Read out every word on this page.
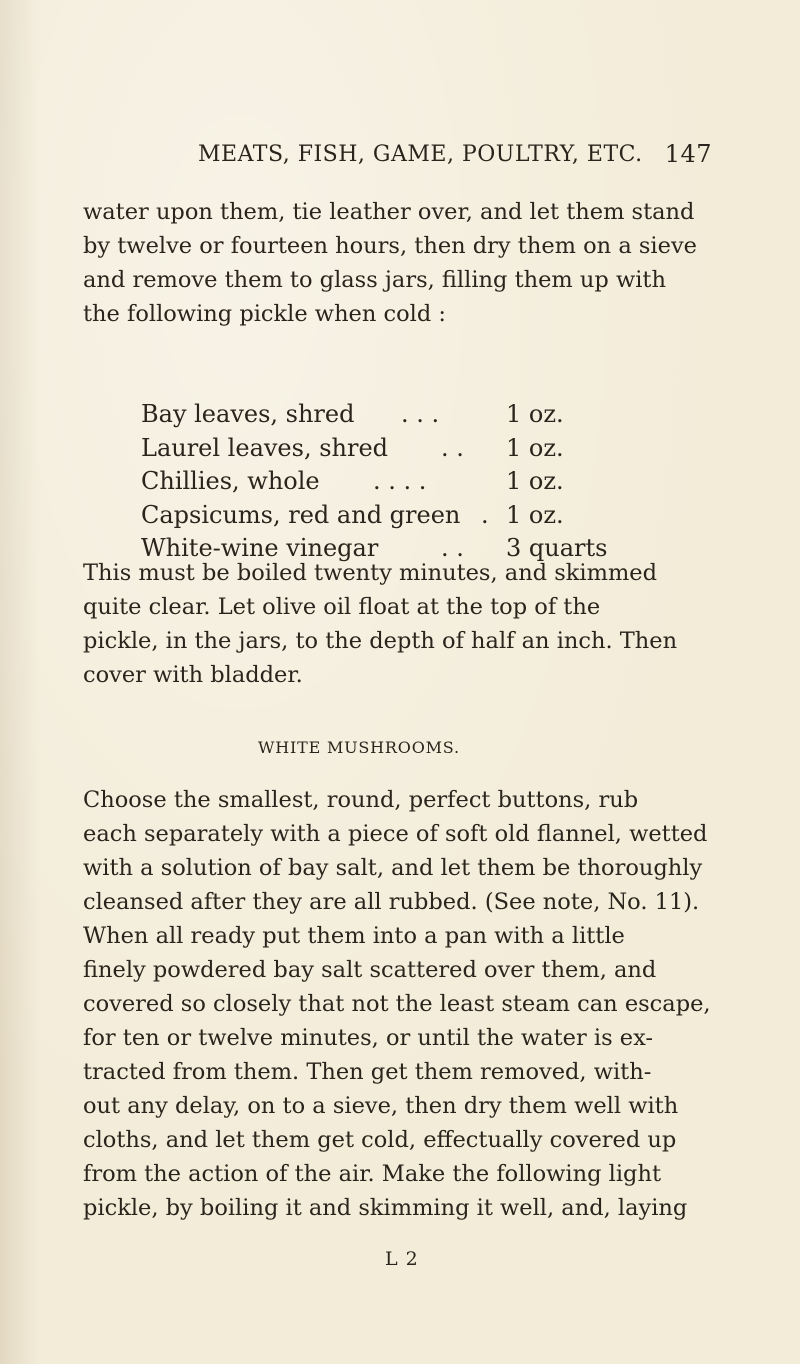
MEATS, FISH, GAME, POULTRY, ETC. 147
water upon them, tie leather over, and let them stand
by twelve or fourteen hours, then dry them on a sieve
and remove them to glass jars, filling them up with
the following pickle when cold :
Bay leaves, shred . . .	1 oz.
Laurel leaves, shred . . 1 oz.
Chillies, whole . . . .	1 oz.
Capsicums, red and green . 1 oz.
White-wine vinegar	. . 3 quarts
This must be boiled twenty minutes, and skimmed
quite clear. Let olive oil float at the top of the
pickle, in the jars, to the depth of half an inch. Then
cover with bladder.
WHITE MUSHROOMS.
Choose the smallest, round, perfect buttons, rub
each separately with a piece of soft old flannel, wetted
with a solution of bay salt, and let them be thoroughly
cleansed after they are all rubbed. (See note, No. 11).
When all ready put them into a pan with a little
finely powdered bay salt scattered over them, and
covered so closely that not the least steam can escape,
for ten or twelve minutes, or until the water is ex-
tracted from them. Then get them removed, with-
out any delay, on to a sieve, then dry them well with
cloths, and let them get cold, effectually covered up
from the action of the air. Make the following light
pickle, by boiling it and skimming it well, and, laying
L 2
